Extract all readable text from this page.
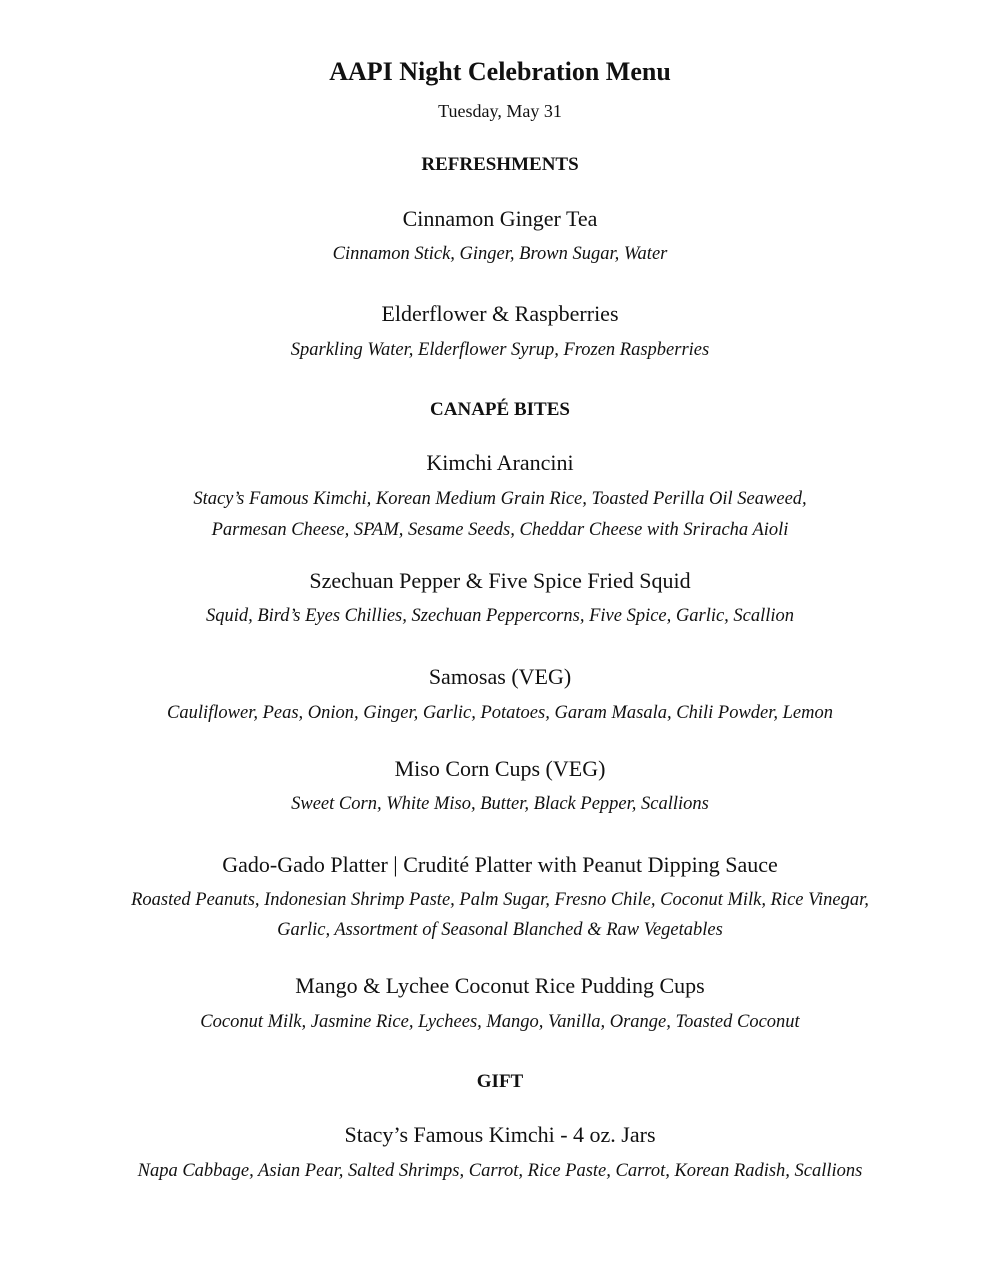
AAPI Night Celebration Menu
Tuesday, May 31
REFRESHMENTS
Cinnamon Ginger Tea
Cinnamon Stick, Ginger, Brown Sugar, Water
Elderflower & Raspberries
Sparkling Water, Elderflower Syrup, Frozen Raspberries
CANAPÉ BITES
Kimchi Arancini
Stacy’s Famous Kimchi, Korean Medium Grain Rice, Toasted Perilla Oil Seaweed,
Parmesan Cheese, SPAM, Sesame Seeds, Cheddar Cheese with Sriracha Aioli
Szechuan Pepper & Five Spice Fried Squid
Squid, Bird’s Eyes Chillies, Szechuan Peppercorns, Five Spice, Garlic, Scallion
Samosas (VEG)
Cauliflower, Peas, Onion, Ginger, Garlic, Potatoes, Garam Masala, Chili Powder, Lemon
Miso Corn Cups (VEG)
Sweet Corn, White Miso, Butter, Black Pepper, Scallions
Gado-Gado Platter | Crudité Platter with Peanut Dipping Sauce
Roasted Peanuts, Indonesian Shrimp Paste, Palm Sugar, Fresno Chile, Coconut Milk, Rice Vinegar,
Garlic, Assortment of Seasonal Blanched & Raw Vegetables
Mango & Lychee Coconut Rice Pudding Cups
Coconut Milk, Jasmine Rice, Lychees, Mango, Vanilla, Orange, Toasted Coconut
GIFT
Stacy’s Famous Kimchi - 4 oz. Jars
Napa Cabbage, Asian Pear, Salted Shrimps, Carrot, Rice Paste, Carrot, Korean Radish, Scallions
